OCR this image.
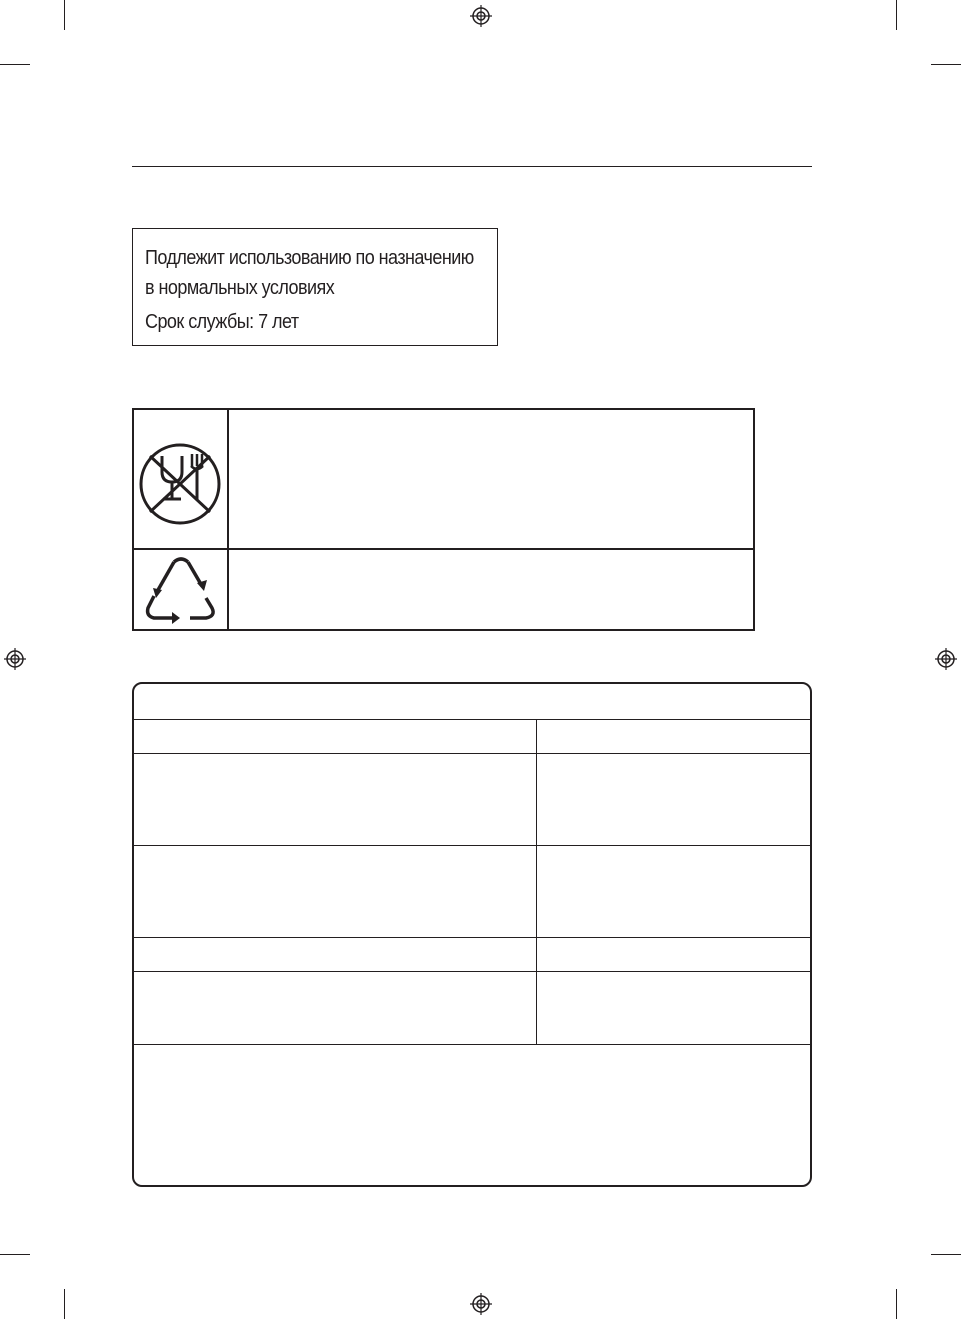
Подлежит использованию по назначению
в нормальных условиях
Срок службы: 7 лет
